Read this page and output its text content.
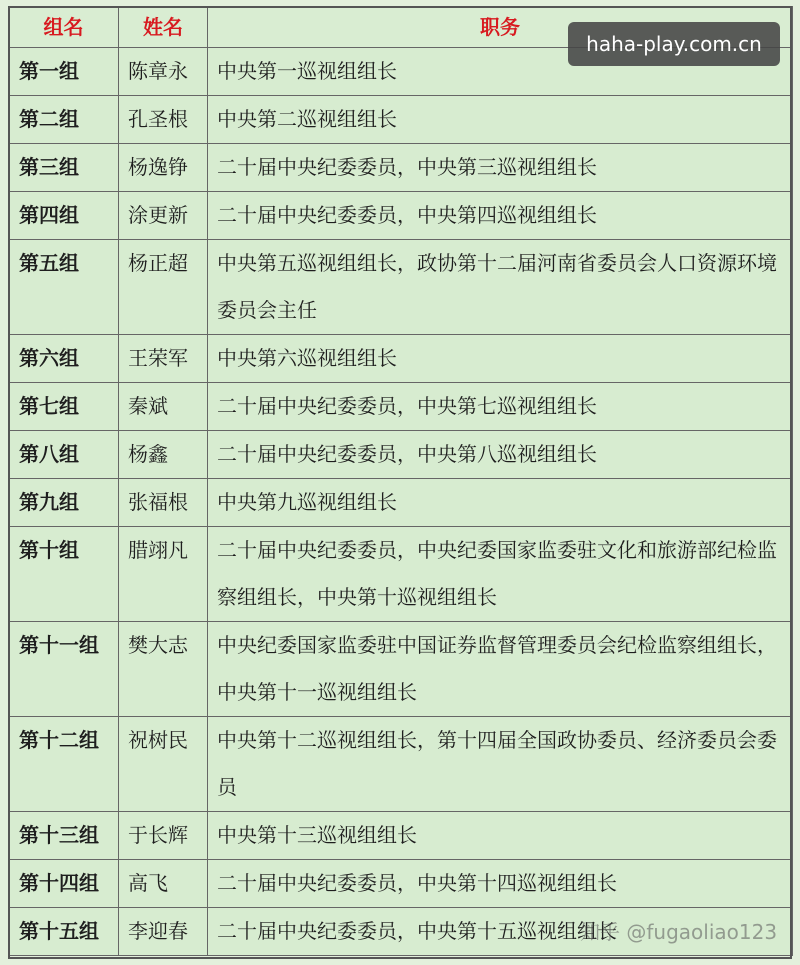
组名	姓名	职务
第一组	陈章永	中央第一巡视组组长
第二组	孔圣根	中央第二巡视组组长
第三组	杨逸铮	二十届中央纪委委员，中央第三巡视组组长
第四组	涂更新	二十届中央纪委委员，中央第四巡视组组长
第五组	杨正超	中央第五巡视组组长，政协第十二届河南省委员会人口资源环境委员会主任
第六组	王荣军	中央第六巡视组组长
第七组	秦斌	二十届中央纪委委员，中央第七巡视组组长
第八组	杨鑫	二十届中央纪委委员，中央第八巡视组组长
第九组	张福根	中央第九巡视组组长
第十组	腊翊凡	二十届中央纪委委员，中央纪委国家监委驻文化和旅游部纪检监察组组长，中央第十巡视组组长
第十一组	樊大志	中央纪委国家监委驻中国证券监督管理委员会纪检监察组组长，中央第十一巡视组组长
第十二组	祝树民	中央第十二巡视组组长，第十四届全国政协委员、经济委员会委员
第十三组	于长辉	中央第十三巡视组组长
第十四组	高飞	二十届中央纪委委员，中央第十四巡视组组长
第十五组	李迎春	二十届中央纪委委员，中央第十五巡视组组长
haha-play.com.cn
知乎 @fugaoliao123
